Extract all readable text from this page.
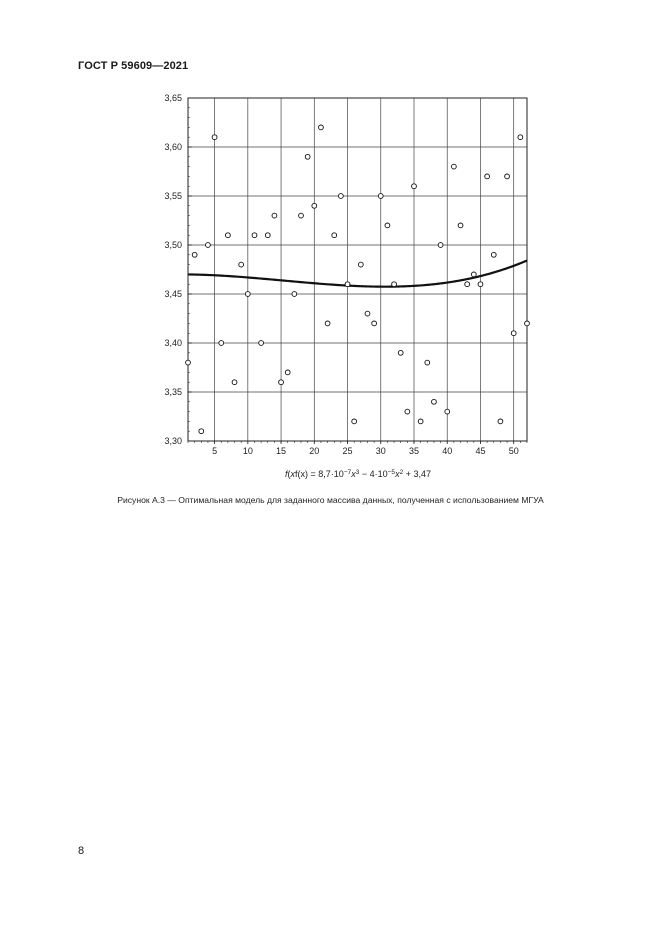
ГОСТ Р 59609—2021
5	10	15	20	25	30	35	40	45	50
3,30
3,35
3,40
3,45
3,50
3,55
3,60
3,65
$f(xf(x) = 8,7\cdot 10^{-7}x^3 - 4\cdot 10^{-5}x^2 + 3,47$
Рисунок А.3 — Оптимальная модель для заданного массива данных, полученная с использованием МГУА
8
